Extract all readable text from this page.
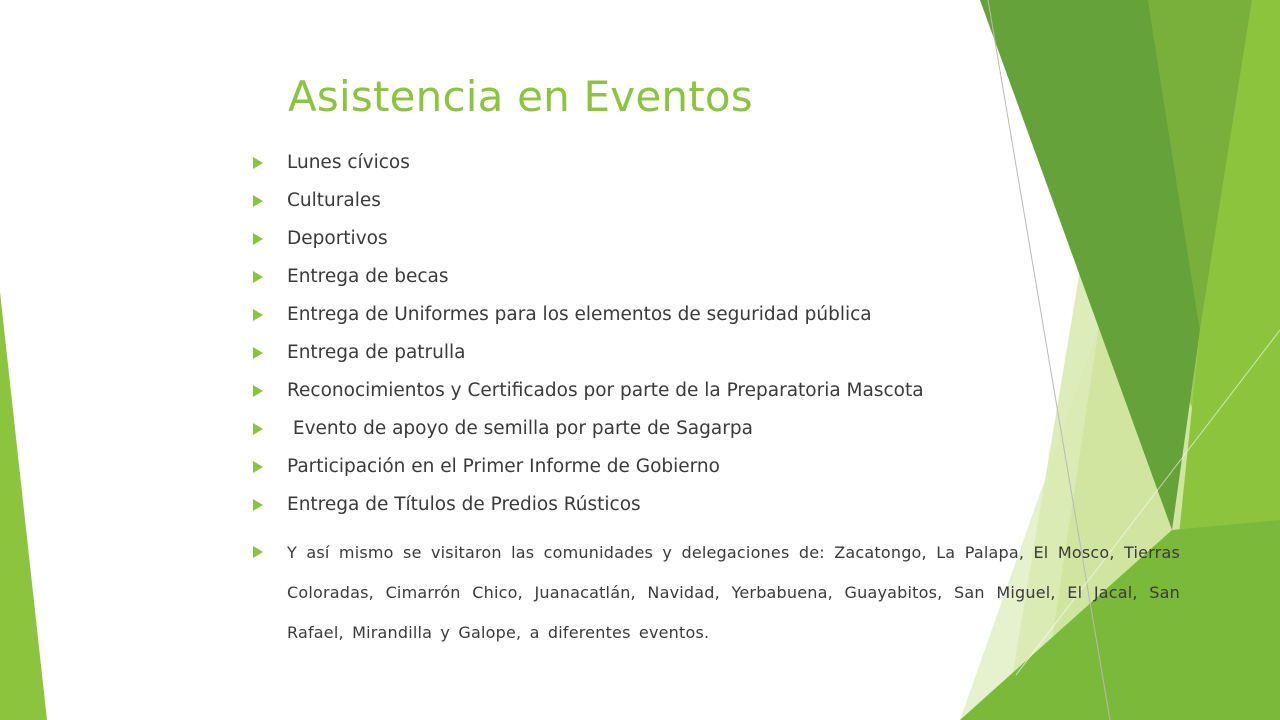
Asistencia en Eventos
Lunes cívicos
Culturales
Deportivos
Entrega de becas
Entrega de Uniformes para los elementos de seguridad pública
Entrega de patrulla
Reconocimientos y Certificados por parte de la Preparatoria Mascota
Evento de apoyo de semilla por parte de Sagarpa
Participación en el Primer Informe de Gobierno
Entrega de Títulos de Predios Rústicos
Y así mismo se visitaron las comunidades y delegaciones de: Zacatongo, La Palapa, El Mosco, Tierras Coloradas, Cimarrón Chico, Juanacatlán, Navidad, Yerbabuena, Guayabitos, San Miguel, El Jacal, San Rafael, Mirandilla y Galope, a diferentes eventos.
